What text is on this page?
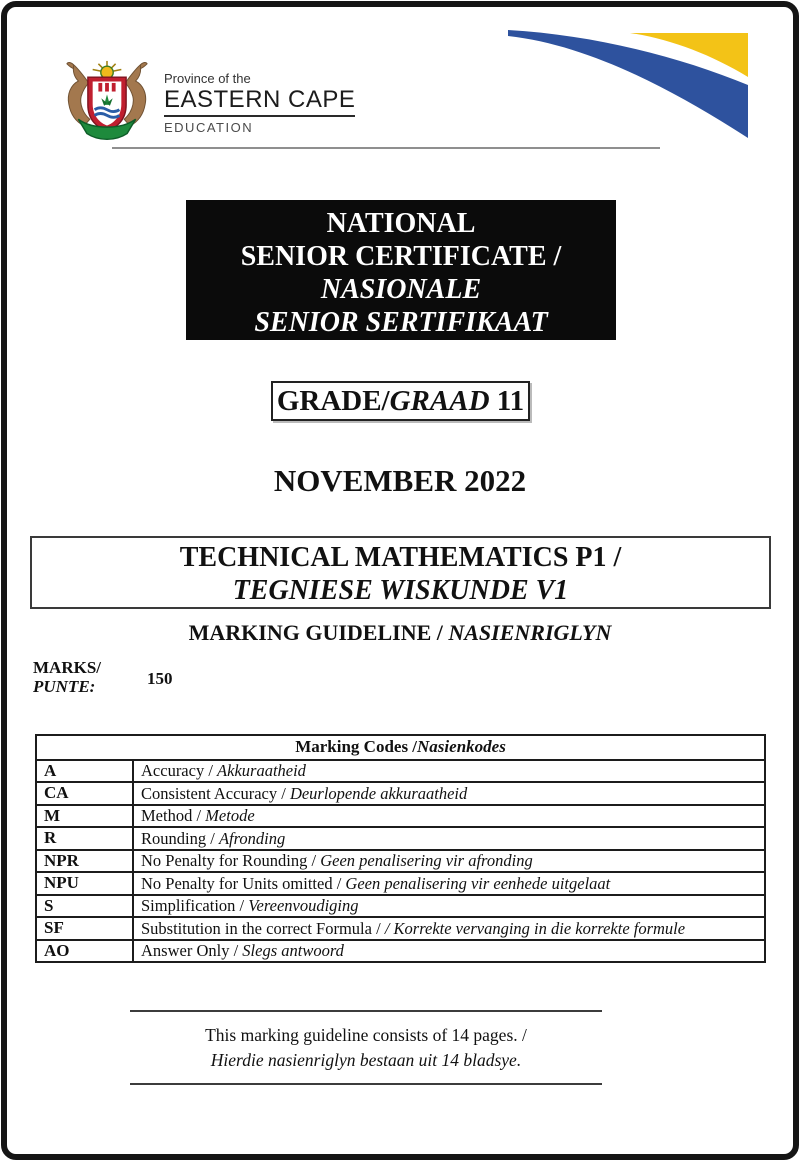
Province of the
EASTERN CAPE
EDUCATION
NATIONAL
SENIOR CERTIFICATE /
NASIONALE
SENIOR SERTIFIKAAT
GRADE/GRAAD 11
NOVEMBER 2022
TECHNICAL MATHEMATICS P1 /
TEGNIESE WISKUNDE V1
MARKING GUIDELINE / NASIENRIGLYN
MARKS/
PUNTE:	150
Marking Codes /Nasienkodes	
A	Accuracy / Akkuraatheid
CA	Consistent Accuracy / Deurlopende akkuraatheid
M	Method / Metode
R	Rounding / Afronding
NPR	No Penalty for Rounding / Geen penalisering vir afronding
NPU	No Penalty for Units omitted / Geen penalisering vir eenhede uitgelaat
S	Simplification / Vereenvoudiging
SF	Substitution in the correct Formula / / Korrekte vervanging in die korrekte formule
AO	Answer Only / Slegs antwoord
This marking guideline consists of 14 pages. /
Hierdie nasienriglyn bestaan uit 14 bladsye.
